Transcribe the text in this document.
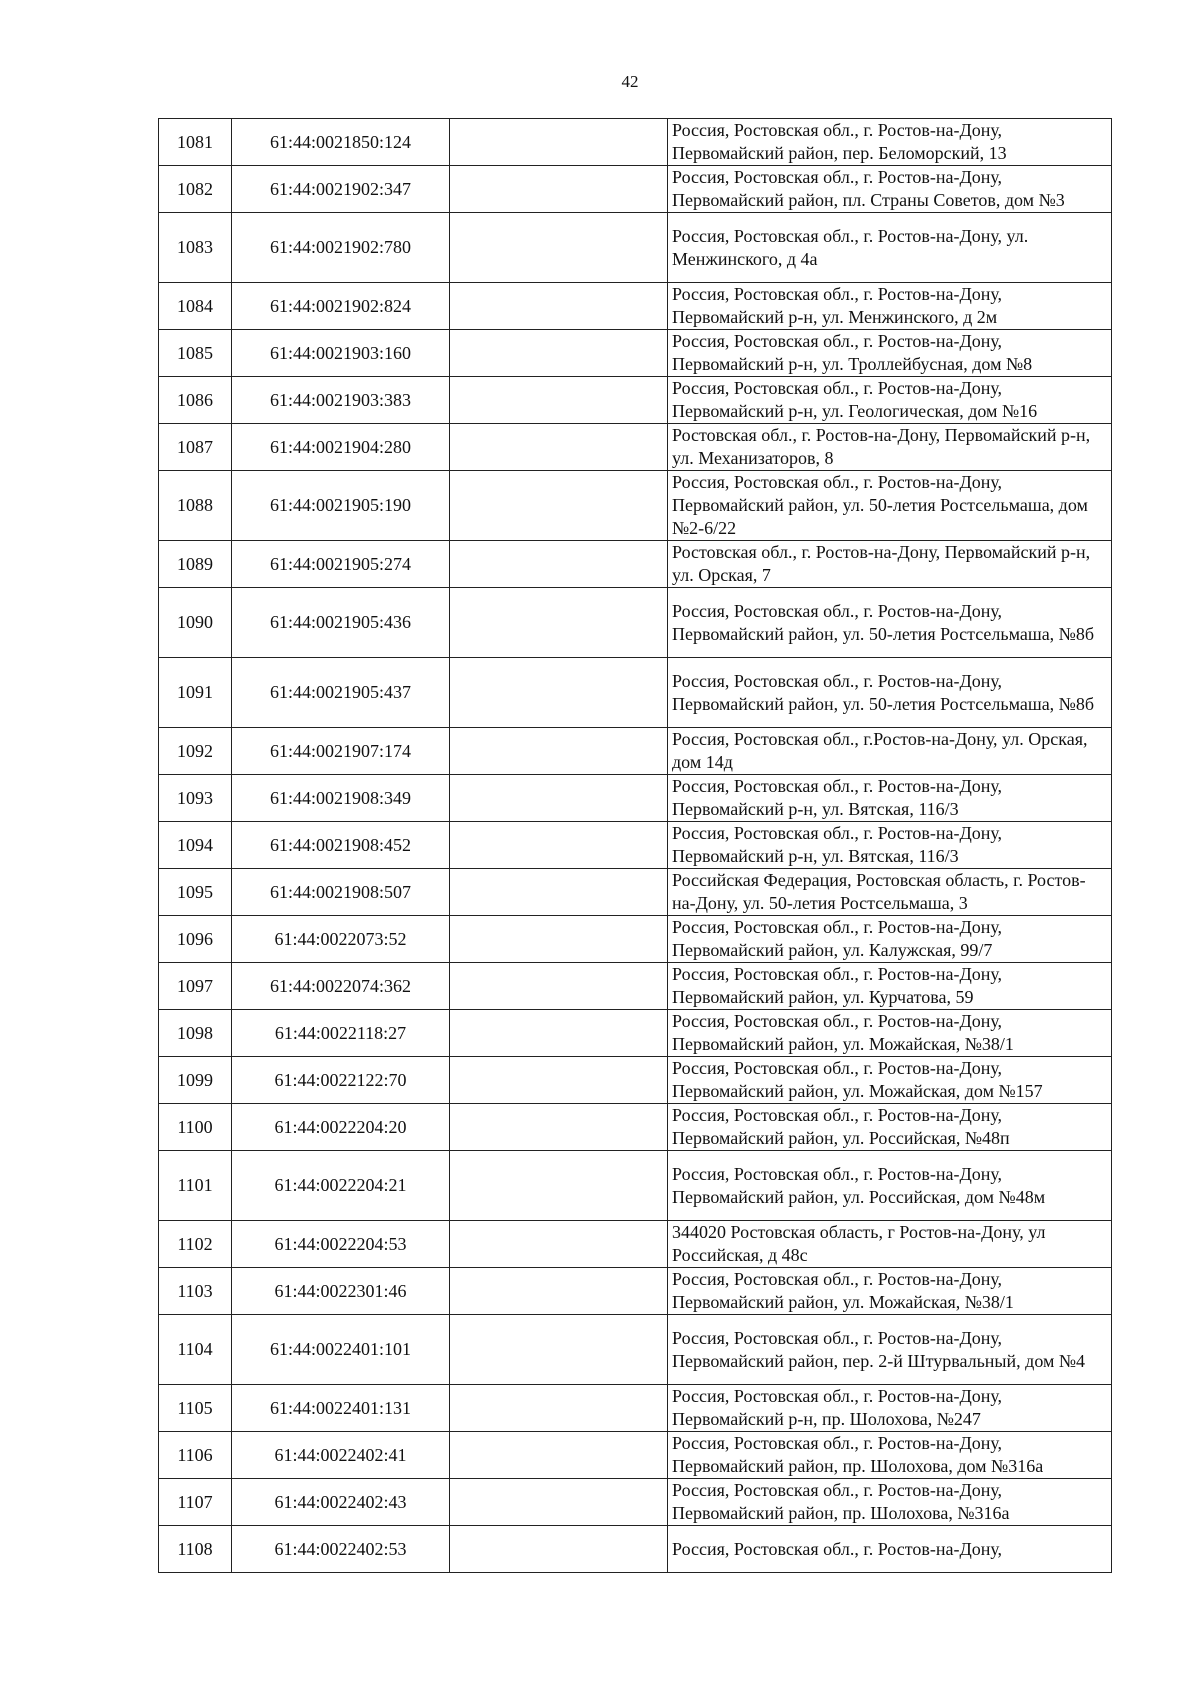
42
1081	61:44:0021850:124		Россия, Ростовская обл., г. Ростов-на-Дону, Первомайский район, пер. Беломорский, 13
1082	61:44:0021902:347		Россия, Ростовская обл., г. Ростов-на-Дону, Первомайский район, пл. Страны Советов, дом №3
1083	61:44:0021902:780		Россия, Ростовская обл., г. Ростов-на-Дону, ул. Менжинского, д 4а
1084	61:44:0021902:824		Россия, Ростовская обл., г. Ростов-на-Дону, Первомайский р-н, ул. Менжинского, д 2м
1085	61:44:0021903:160		Россия, Ростовская обл., г. Ростов-на-Дону, Первомайский р-н, ул. Троллейбусная, дом №8
1086	61:44:0021903:383		Россия, Ростовская обл., г. Ростов-на-Дону, Первомайский р-н, ул. Геологическая, дом №16
1087	61:44:0021904:280		Ростовская обл., г. Ростов-на-Дону, Первомайский р-н, ул. Механизаторов, 8
1088	61:44:0021905:190		Россия, Ростовская обл., г. Ростов-на-Дону, Первомайский район, ул. 50-летия Ростсельмаша, дом №2-6/22
1089	61:44:0021905:274		Ростовская обл., г. Ростов-на-Дону, Первомайский р-н, ул. Орская, 7
1090	61:44:0021905:436		Россия, Ростовская обл., г. Ростов-на-Дону, Первомайский район, ул. 50-летия Ростсельмаша, №8б
1091	61:44:0021905:437		Россия, Ростовская обл., г. Ростов-на-Дону, Первомайский район, ул. 50-летия Ростсельмаша, №8б
1092	61:44:0021907:174		Россия, Ростовская обл., г.Ростов-на-Дону, ул. Орская, дом 14д
1093	61:44:0021908:349		Россия, Ростовская обл., г. Ростов-на-Дону, Первомайский р-н, ул. Вятская, 116/3
1094	61:44:0021908:452		Россия, Ростовская обл., г. Ростов-на-Дону, Первомайский р-н, ул. Вятская, 116/3
1095	61:44:0021908:507		Российская Федерация, Ростовская область, г. Ростов-на-Дону, ул. 50-летия Ростсельмаша, 3
1096	61:44:0022073:52		Россия, Ростовская обл., г. Ростов-на-Дону, Первомайский район, ул. Калужская, 99/7
1097	61:44:0022074:362		Россия, Ростовская обл., г. Ростов-на-Дону, Первомайский район, ул. Курчатова, 59
1098	61:44:0022118:27		Россия, Ростовская обл., г. Ростов-на-Дону, Первомайский район, ул. Можайская, №38/1
1099	61:44:0022122:70		Россия, Ростовская обл., г. Ростов-на-Дону, Первомайский район, ул. Можайская, дом №157
1100	61:44:0022204:20		Россия, Ростовская обл., г. Ростов-на-Дону, Первомайский район, ул. Российская, №48п
1101	61:44:0022204:21		Россия, Ростовская обл., г. Ростов-на-Дону, Первомайский район, ул. Российская, дом №48м
1102	61:44:0022204:53		344020 Ростовская область, г Ростов-на-Дону, ул Российская, д 48с
1103	61:44:0022301:46		Россия, Ростовская обл., г. Ростов-на-Дону, Первомайский район, ул. Можайская, №38/1
1104	61:44:0022401:101		Россия, Ростовская обл., г. Ростов-на-Дону, Первомайский район, пер. 2-й Штурвальный, дом №4
1105	61:44:0022401:131		Россия, Ростовская обл., г. Ростов-на-Дону, Первомайский р-н, пр. Шолохова, №247
1106	61:44:0022402:41		Россия, Ростовская обл., г. Ростов-на-Дону, Первомайский район, пр. Шолохова, дом №316а
1107	61:44:0022402:43		Россия, Ростовская обл., г. Ростов-на-Дону, Первомайский район, пр. Шолохова, №316а
1108	61:44:0022402:53		Россия, Ростовская обл., г. Ростов-на-Дону,
